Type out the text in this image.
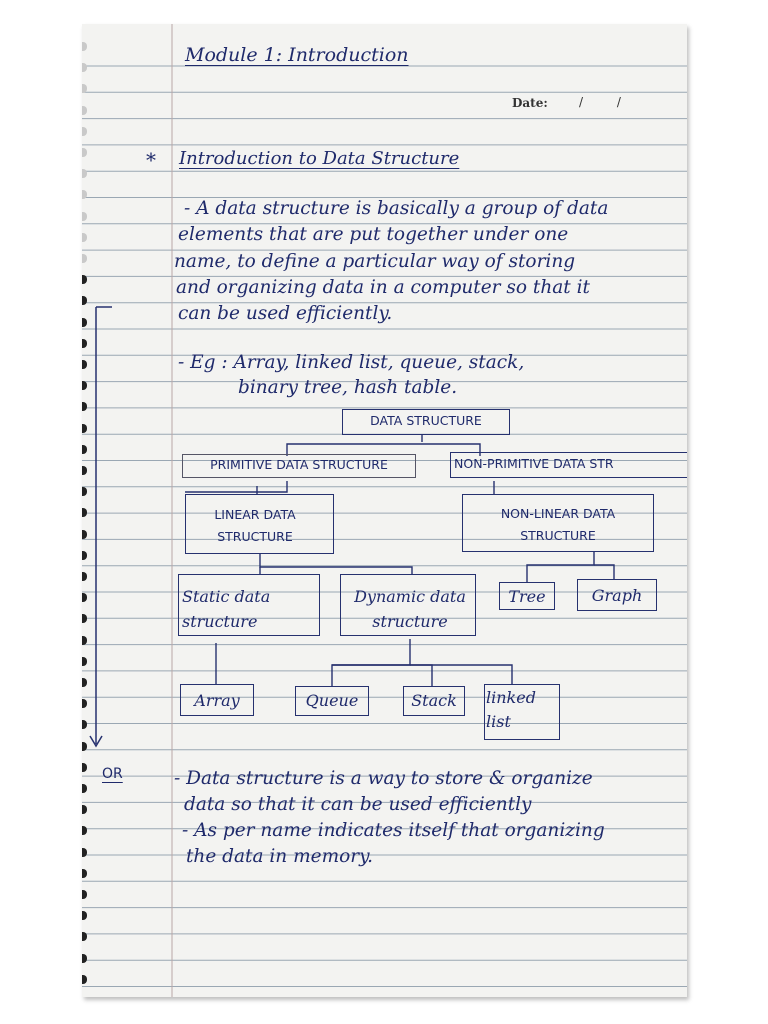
Module 1: Introduction
Date:	/ /
* Introduction to Data Structure
- A data structure is basically a group of data
elements that are put together under one
name, to define a particular way of storing
and organizing data in a computer so that it
can be used efficiently.
- Eg : Array, linked list, queue, stack,
binary tree, hash table.
DATA STRUCTURE
PRIMITIVE DATA STRUCTURE	NON-PRIMITIVE DATA STR
LINEAR DATA STRUCTURE
NON-LINEAR DATA STRUCTURE
Static data structure
Dynamic data structure
Tree	Graph
Array	Queue	Stack	linked list
OR	- Data structure is a way to store & organize
data so that it can be used efficiently
- As per name indicates itself that organizing
the data in memory.
